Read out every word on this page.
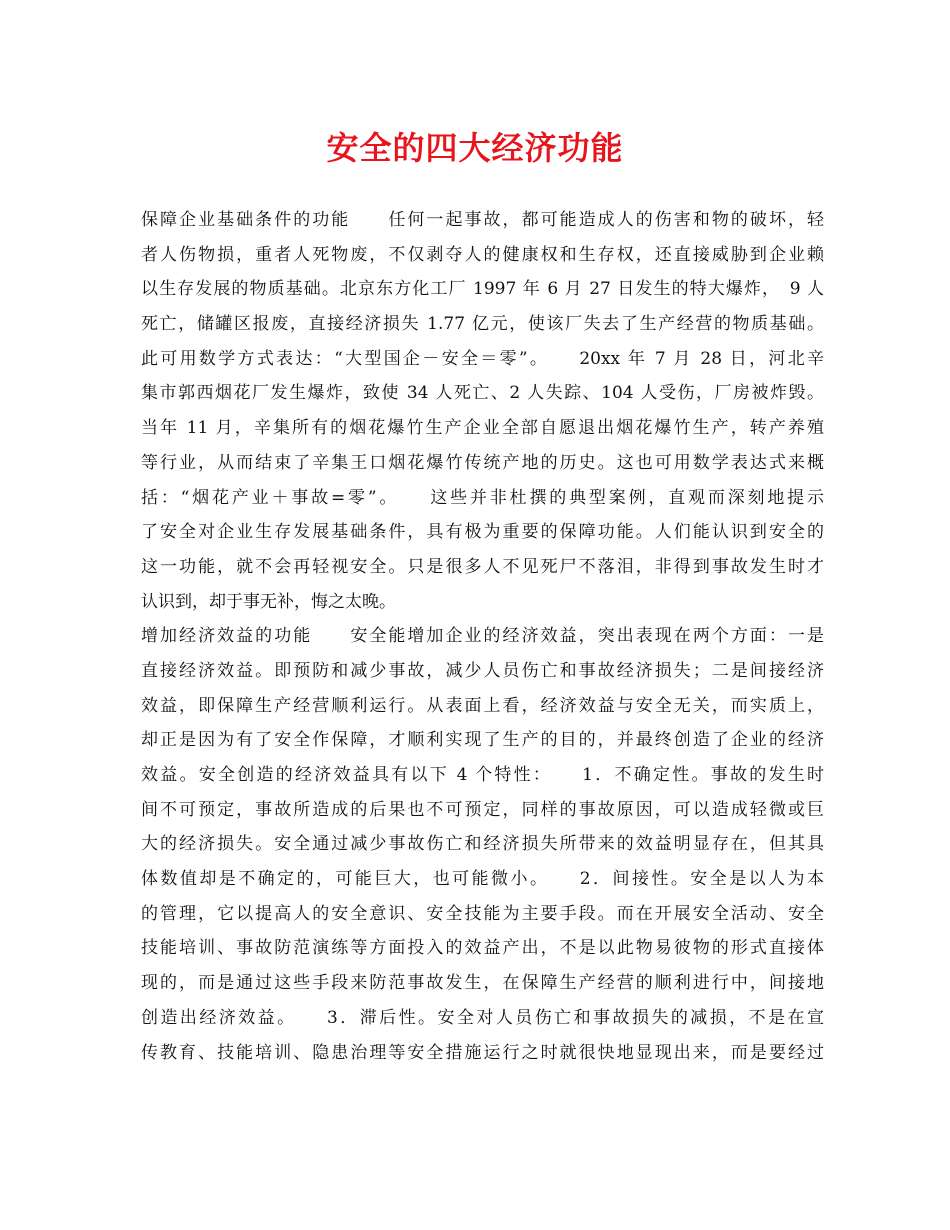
安全的四大经济功能
保障企业基础条件的功能　　任何一起事故，都可能造成人的伤害和物的破坏，轻
者人伤物损，重者人死物废，不仅剥夺人的健康权和生存权，还直接威胁到企业赖
以生存发展的物质基础。北京东方化工厂 1997 年 6 月 27 日发生的特大爆炸，　9 人
死亡，储罐区报废，直接经济损失 1.77 亿元，使该厂失去了生产经营的物质基础。
此可用数学方式表达：“大型国企－安全＝零”。　　20xx 年 7 月 28 日，河北辛
集市郭西烟花厂发生爆炸，致使 34 人死亡、2 人失踪、104 人受伤，厂房被炸毁。
当年 11 月，辛集所有的烟花爆竹生产企业全部自愿退出烟花爆竹生产，转产养殖
等行业，从而结束了辛集王口烟花爆竹传统产地的历史。这也可用数学表达式来概
括：“烟花产业＋事故=零”。　　这些并非杜撰的典型案例，直观而深刻地提示
了安全对企业生存发展基础条件，具有极为重要的保障功能。人们能认识到安全的
这一功能，就不会再轻视安全。只是很多人不见死尸不落泪，非得到事故发生时才
认识到，却于事无补，悔之太晚。
增加经济效益的功能　　安全能增加企业的经济效益，突出表现在两个方面：一是
直接经济效益。即预防和减少事故，减少人员伤亡和事故经济损失；二是间接经济
效益，即保障生产经营顺利运行。从表面上看，经济效益与安全无关，而实质上，
却正是因为有了安全作保障，才顺利实现了生产的目的，并最终创造了企业的经济
效益。安全创造的经济效益具有以下 4 个特性：　　1．不确定性。事故的发生时
间不可预定，事故所造成的后果也不可预定，同样的事故原因，可以造成轻微或巨
大的经济损失。安全通过减少事故伤亡和经济损失所带来的效益明显存在，但其具
体数值却是不确定的，可能巨大，也可能微小。　　2．间接性。安全是以人为本
的管理，它以提高人的安全意识、安全技能为主要手段。而在开展安全活动、安全
技能培训、事故防范演练等方面投入的效益产出，不是以此物易彼物的形式直接体
现的，而是通过这些手段来防范事故发生，在保障生产经营的顺利进行中，间接地
创造出经济效益。　　3．滞后性。安全对人员伤亡和事故损失的减损，不是在宣
传教育、技能培训、隐患治理等安全措施运行之时就很快地显现出来，而是要经过
